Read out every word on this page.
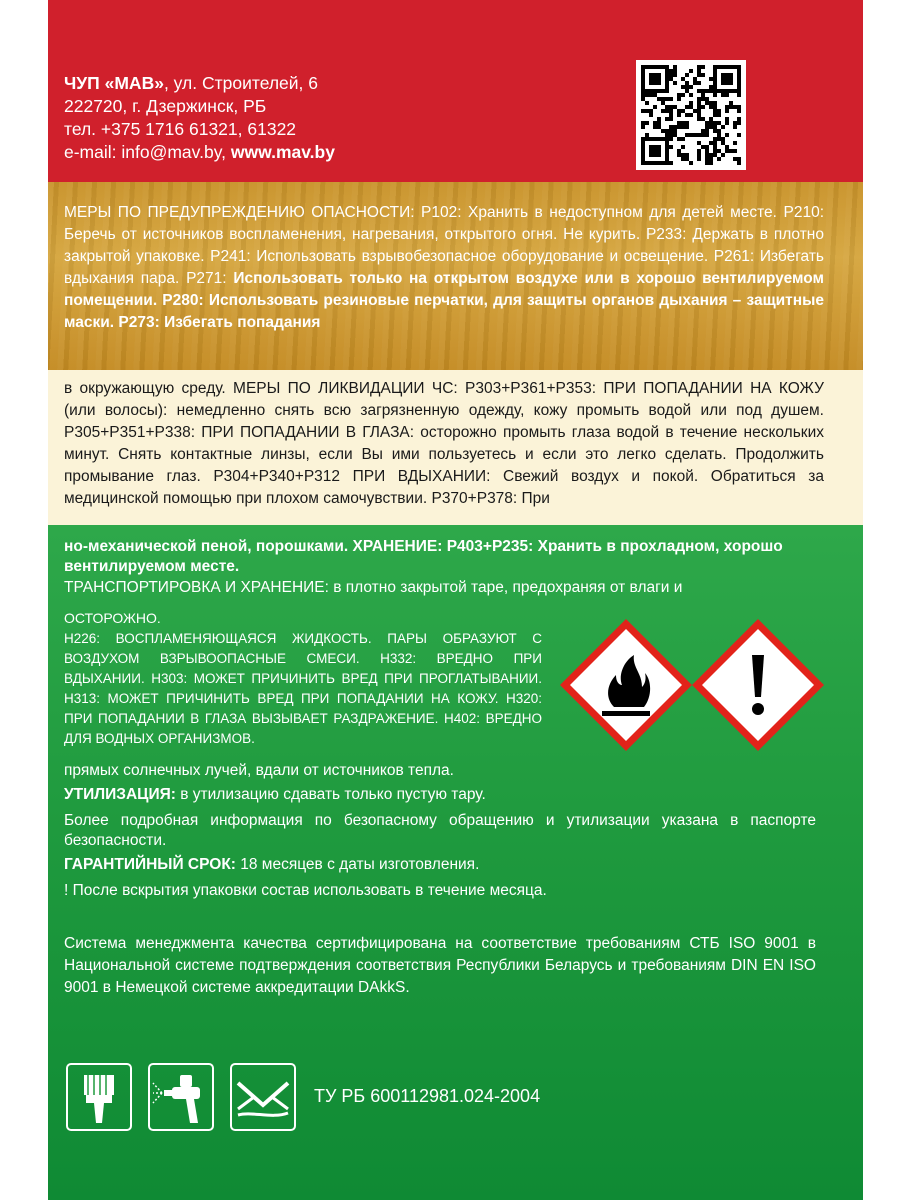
ЧУП «МАВ», ул. Строителей, 6
222720, г. Дзержинск, РБ
тел. +375 1716 61321, 61322
e-mail: info@mav.by, www.mav.by
МЕРЫ ПО ПРЕДУПРЕЖДЕНИЮ ОПАСНОСТИ: P102: Хранить в недоступном для детей месте. P210: Беречь от источников воспламенения, нагревания, открытого огня. Не курить. P233: Держать в плотно закрытой упаковке. P241: Использовать взрывобезопасное оборудование и освещение. P261: Избегать вдыхания пара. P271: Использовать только на открытом воздухе или в хорошо вентилируемом помещении. P280: Использовать резиновые перчатки, для защиты органов дыхания – защитные маски. P273: Избегать попадания
в окружающую среду. МЕРЫ ПО ЛИКВИДАЦИИ ЧС: P303+P361+P353: ПРИ ПОПАДАНИИ НА КОЖУ (или волосы): немедленно снять всю загрязненную одежду, кожу промыть водой или под душем. P305+P351+P338: ПРИ ПОПАДАНИИ В ГЛАЗА: осторожно промыть глаза водой в течение нескольких минут. Снять контактные линзы, если Вы ими пользуетесь и если это легко сделать. Продолжить промывание глаз. P304+P340+P312 ПРИ ВДЫХАНИИ: Свежий воздух и покой. Обратиться за медицинской помощью при плохом самочувствии. P370+P378: При
но-механической пеной, порошками. ХРАНЕНИЕ: P403+P235: Хранить в прохладном, хорошо вентилируемом месте.
ТРАНСПОРТИРОВКА И ХРАНЕНИЕ: в плотно закрытой таре, предохраняя от влаги и
ОСТОРОЖНО.
H226: ВОСПЛАМЕНЯЮЩАЯСЯ ЖИДКОСТЬ. ПАРЫ ОБРАЗУЮТ С ВОЗДУХОМ ВЗРЫВООПАСНЫЕ СМЕСИ. H332: ВРЕДНО ПРИ ВДЫХАНИИ. H303: МОЖЕТ ПРИЧИНИТЬ ВРЕД ПРИ ПРОГЛАТЫВАНИИ. H313: МОЖЕТ ПРИЧИНИТЬ ВРЕД ПРИ ПОПАДАНИИ НА КОЖУ. H320: ПРИ ПОПАДАНИИ В ГЛАЗА ВЫЗЫВАЕТ РАЗДРАЖЕНИЕ. H402: ВРЕДНО ДЛЯ ВОДНЫХ ОРГАНИЗМОВ.
прямых солнечных лучей, вдали от источников тепла.
УТИЛИЗАЦИЯ: в утилизацию сдавать только пустую тару.
Более подробная информация по безопасному обращению и утилизации указана в паспорте безопасности.
ГАРАНТИЙНЫЙ СРОК: 18 месяцев с даты изготовления.
! После вскрытия упаковки состав использовать в течение месяца.
Система менеджмента качества сертифицирована на соответствие требованиям СТБ ISO 9001 в Национальной системе подтверждения соответствия Республики Беларусь и требованиям DIN EN ISO 9001 в Немецкой системе аккредитации DAkkS.
ТУ РБ 600112981.024-2004
